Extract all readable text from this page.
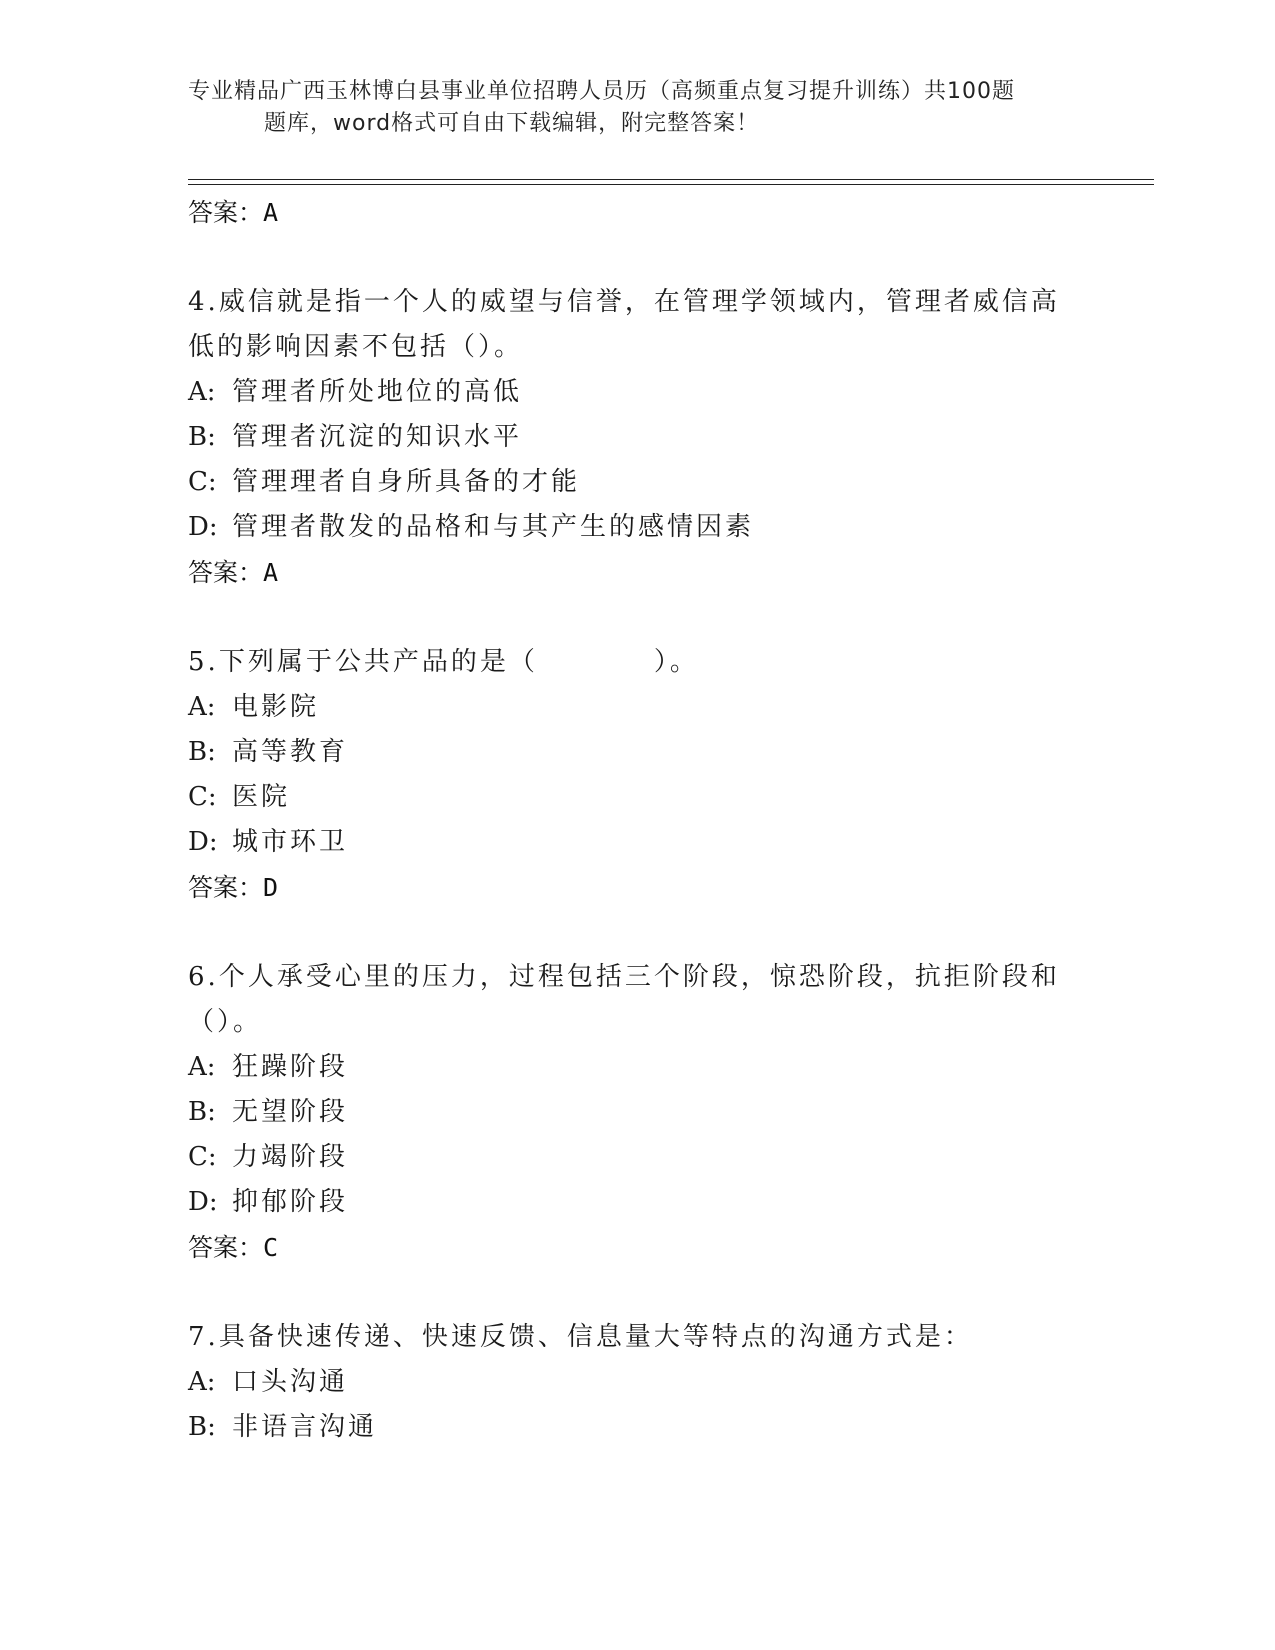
专业精品广西玉林博白县事业单位招聘人员历（高频重点复习提升训练）共100题
题库，word格式可自由下载编辑，附完整答案！
答案：A
4.威信就是指一个人的威望与信誉，在管理学领域内，管理者威信高
低的影响因素不包括（）。
A: 管理者所处地位的高低
B: 管理者沉淀的知识水平
C: 管理理者自身所具备的才能
D: 管理者散发的品格和与其产生的感情因素
答案：A
5.下列属于公共产品的是（　　　　）。
A: 电影院
B: 高等教育
C: 医院
D: 城市环卫
答案：D
6.个人承受心里的压力，过程包括三个阶段，惊恐阶段，抗拒阶段和
（）。
A: 狂躁阶段
B: 无望阶段
C: 力竭阶段
D: 抑郁阶段
答案：C
7.具备快速传递、快速反馈、信息量大等特点的沟通方式是：
A: 口头沟通
B: 非语言沟通
